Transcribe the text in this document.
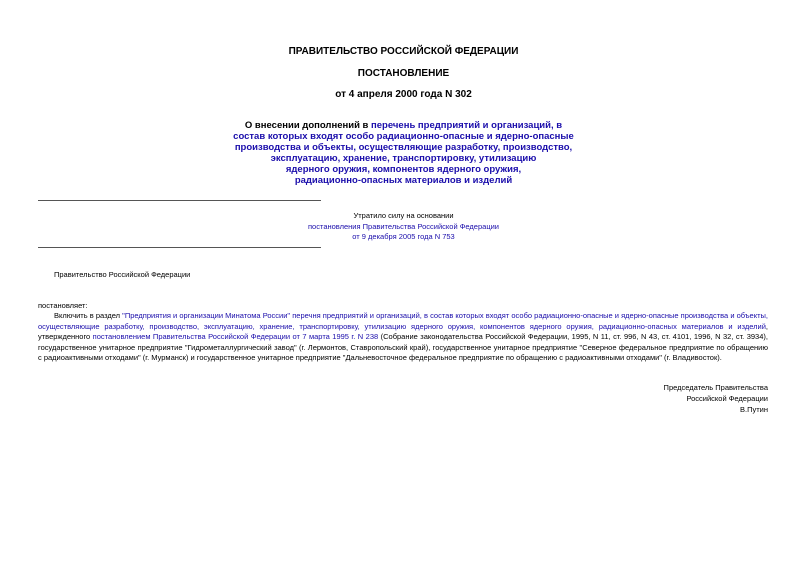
ПРАВИТЕЛЬСТВО РОССИЙСКОЙ ФЕДЕРАЦИИ
ПОСТАНОВЛЕНИЕ
от 4 апреля 2000 года N 302
О внесении дополнений в перечень предприятий и организаций, в
состав которых входят особо радиационно-опасные и ядерно-опасные
производства и объекты, осуществляющие разработку, производство,
эксплуатацию, хранение, транспортировку, утилизацию
ядерного оружия, компонентов ядерного оружия,
радиационно-опасных материалов и изделий
Утратило силу на основании
постановления Правительства Российской Федерации
от 9 декабря 2005 года N 753
Правительство Российской Федерации
постановляет:
Включить в раздел "Предприятия и организации Минатома России" перечня предприятий и организаций, в состав которых входят особо радиационно-опасные и ядерно-опасные производства и объекты, осуществляющие разработку, производство, эксплуатацию, хранение, транспортировку, утилизацию ядерного оружия, компонентов ядерного оружия, радиационно-опасных материалов и изделий, утвержденного постановлением Правительства Российской Федерации от 7 марта 1995 г. N 238 (Собрание законодательства Российской Федерации, 1995, N 11, ст. 996, N 43, ст. 4101, 1996, N 32, ст. 3934), государственное унитарное предприятие "Гидрометаллургический завод" (г. Лермонтов, Ставропольский край), государственное унитарное предприятие "Северное федеральное предприятие по обращению с радиоактивными отходами" (г. Мурманск) и государственное унитарное предприятие "Дальневосточное федеральное предприятие по обращению с радиоактивными отходами" (г. Владивосток).
Председатель Правительства
Российской Федерации
В.Путин
